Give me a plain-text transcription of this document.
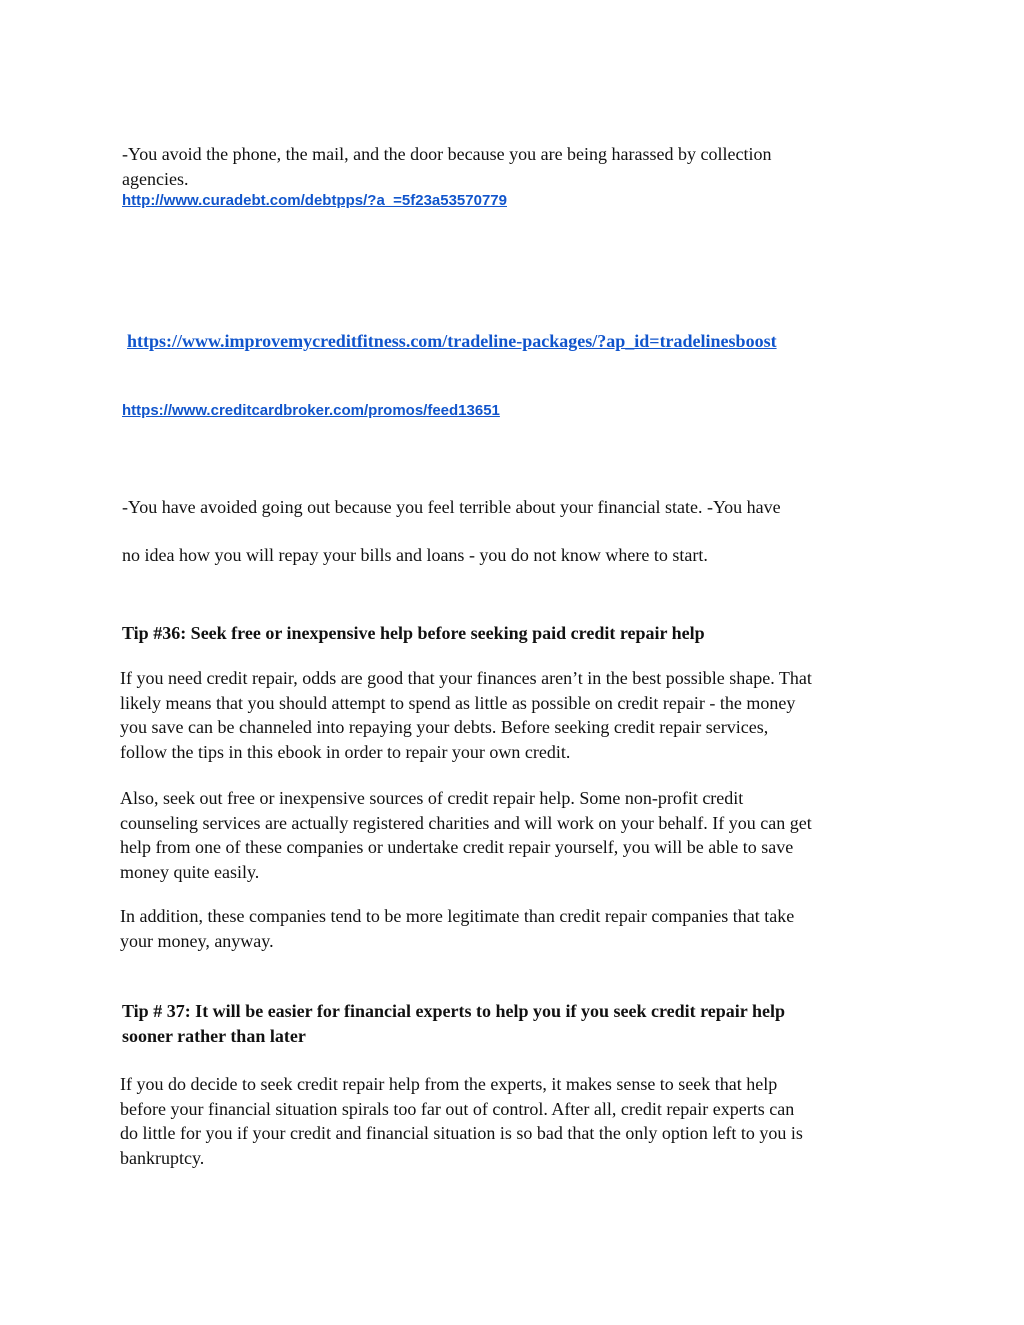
-You avoid the phone, the mail, and the door because you are being harassed by collection
agencies.

http://www.curadebt.com/debtpps/?a_=5f23a53570779
https://www.improvemycreditfitness.com/tradeline-packages/?ap_id=tradelinesboost
https://www.creditcardbroker.com/promos/feed13651

-You have avoided going out because you feel terrible about your financial state. -You have

no idea how you will repay your bills and loans - you do not know where to start.

Tip #36: Seek free or inexpensive help before seeking paid credit repair help

If you need credit repair, odds are good that your finances aren’t in the best possible shape. That
likely means that you should attempt to spend as little as possible on credit repair - the money
you save can be channeled into repaying your debts. Before seeking credit repair services,
follow the tips in this ebook in order to repair your own credit.

Also, seek out free or inexpensive sources of credit repair help. Some non-profit credit
counseling services are actually registered charities and will work on your behalf. If you can get
help from one of these companies or undertake credit repair yourself, you will be able to save
money quite easily.

In addition, these companies tend to be more legitimate than credit repair companies that take
your money, anyway.

Tip # 37: It will be easier for financial experts to help you if you seek credit repair help
sooner rather than later

If you do decide to seek credit repair help from the experts, it makes sense to seek that help
before your financial situation spirals too far out of control. After all, credit repair experts can
do little for you if your credit and financial situation is so bad that the only option left to you is
bankruptcy.
